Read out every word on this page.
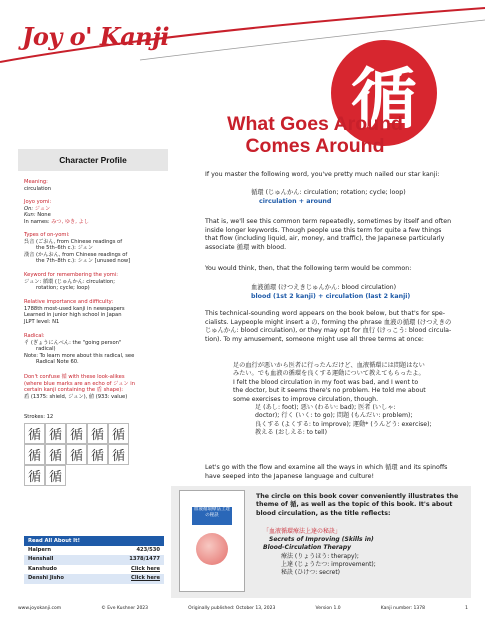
Joy o' Kanji
循
What Goes Around
Comes Around
Character Profile
Meaning:
circulation
Joyo yomi:
On: ジュン
Kun: None
In names: みつ, ゆき, よし
Types of on-yomi:
呉音 (ごおん, from Chinese readings of
the 5th–6th c.): ジュン
漢音 (かんおん, from Chinese readings of
the 7th–8th c.): シュン [unused now]
Keyword for remembering the yomi:
ジュン: 循環 (じゅんかん: circulation;
rotation; cycle; loop)
Relative importance and difficulty:
1788th most-used kanji in newspapers
Learned in junior high school in Japan
JLPT level: N1
Radical:
彳 (ぎょうにんべん: the "going person"
radical)
Note: To learn more about this radical, see
Radical Note 60.
Don't confuse 循 with these look-alikes
(where blue marks are an echo of ジュン in
certain kanji containing the 盾 shape):
盾 (1375: shield, ジュン), 値 (933: value)
Strokes: 12
Read All About It!
Halpern	423/530
Henshall	1378/1477
Kanshudo	Click here
Denshi Jisho	Click here
If you master the following word, you've pretty much nailed our star kanji:
循環 (じゅんかん: circulation; rotation; cycle; loop)
circulation + around
That is, we'll see this common term repeatedly, sometimes by itself and often
inside longer keywords. Though people use this term for quite a few things
that flow (including liquid, air, money, and traffic), the Japanese particularly
associate 循環 with blood.
You would think, then, that the following term would be common:
血液循環 (けつえきじゅんかん: blood circulation)
blood (1st 2 kanji) + circulation (last 2 kanji)
This technical-sounding word appears on the book below, but that's for spe-
cialists. Laypeople might insert a の, forming the phrase 血液の循環 (けつえきの
じゅんかん: blood circulation), or they may opt for 血行 (けっこう: blood circula-
tion). To my amusement, someone might use all three terms at once:
足の血行が悪いから医者に行ったんだけど、血液循環には問題はない
みたい。でも血液の循環を良くする運動について教えてもらったよ。
I felt the blood circulation in my foot was bad, and I went to
the doctor, but it seems there's no problem. He told me about
some exercises to improve circulation, though.
足 (あし: foot); 悪い (わるい: bad); 医者 (いしゃ:
doctor); 行く (いく: to go); 問題 (もんだい: problem);
良くする (よくする: to improve); 運動* (うんどう: exercise);
教える (おしえる: to tell)
Let's go with the flow and examine all the ways in which 循環 and its spinoffs
have seeped into the Japanese language and culture!
血液循環療法上達の秘訣
The circle on this book cover conveniently illustrates the
theme of 循, as well as the topic of this book. It's about
blood circulation, as the title reflects:
「血液循環療法上達の秘訣」
Secrets of Improving (Skills in)
Blood-Circulation Therapy
療法 (りょうほう: therapy);
上達 (じょうたつ: improvement);
秘訣 (ひけつ: secret)
www.joyokanji.com	© Eve Kushner 2023	Originally published: October 13, 2023	Version 1.0	Kanji number: 1378	1
循 循 循 循 循
循 循 循 循 循
循 循
